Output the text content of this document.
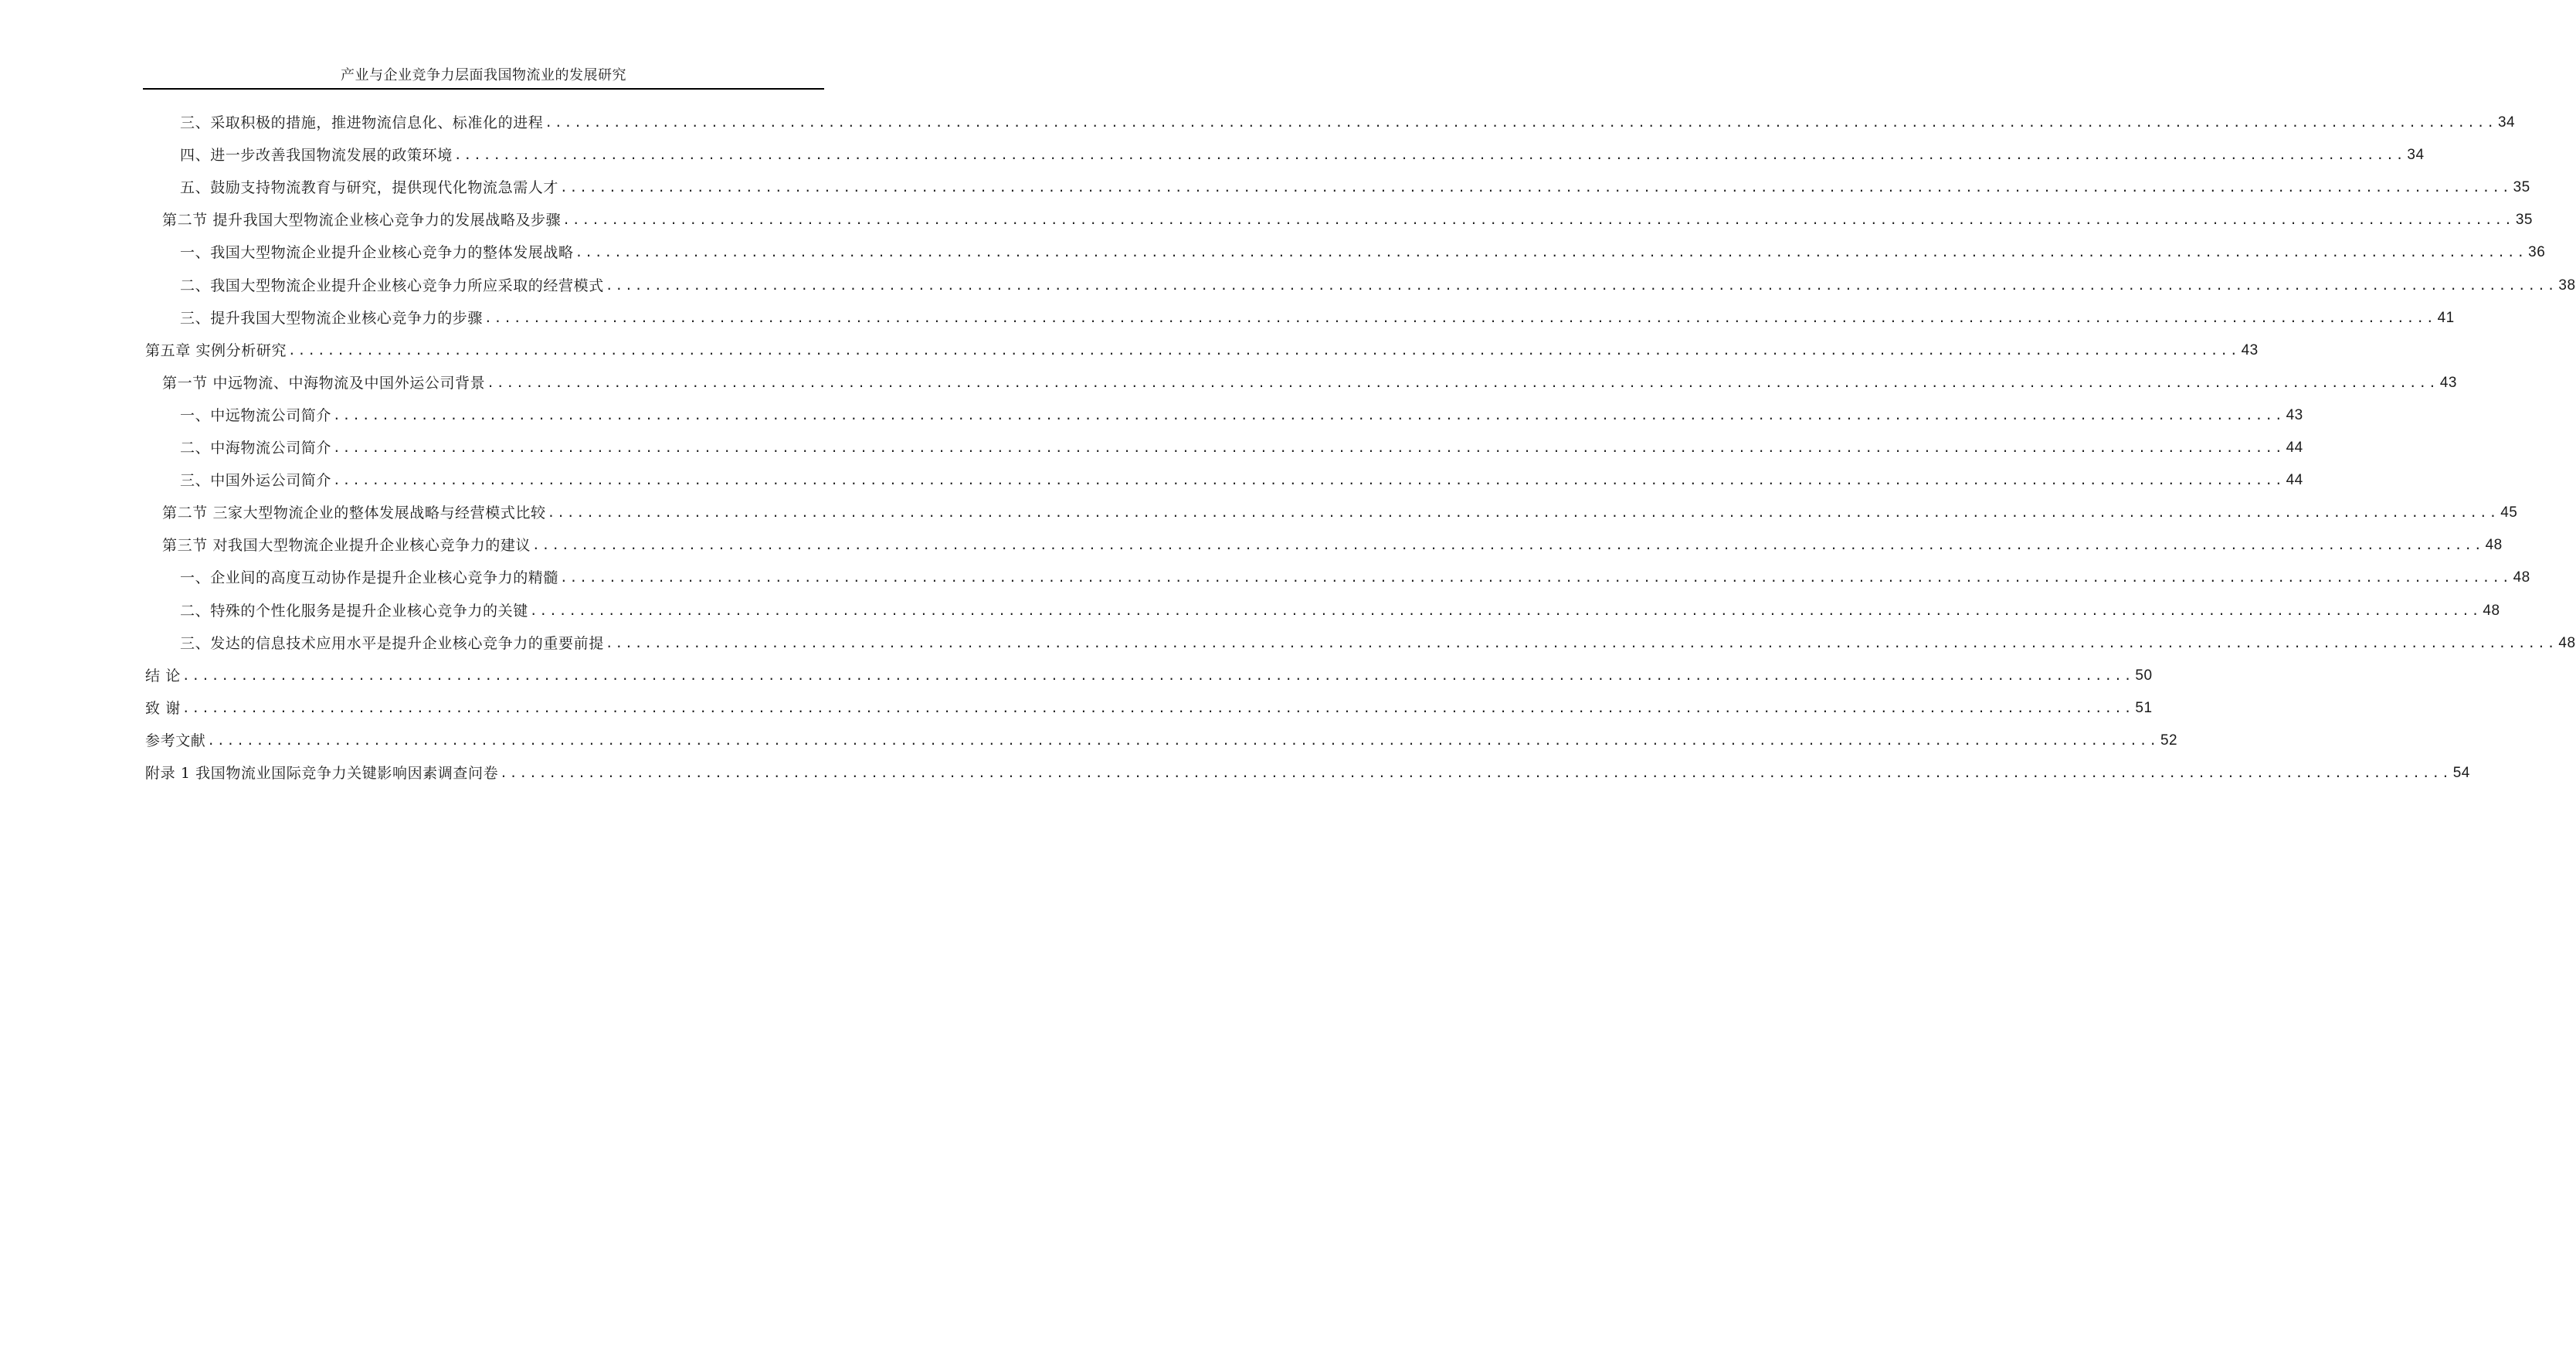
产业与企业竞争力层面我国物流业的发展研究
三、采取积极的措施，推进物流信息化、标准化的进程 ........................................................................................................................................................................................................ 34
四、进一步改善我国物流发展的政策环境 ........................................................................................................................................................................................................ 34
五、鼓励支持物流教育与研究，提供现代化物流急需人才 ........................................................................................................................................................................................................ 35
第二节 提升我国大型物流企业核心竞争力的发展战略及步骤 ........................................................................................................................................................................................................ 35
一、我国大型物流企业提升企业核心竞争力的整体发展战略 ........................................................................................................................................................................................................ 36
二、我国大型物流企业提升企业核心竞争力所应采取的经营模式 ........................................................................................................................................................................................................ 38
三、提升我国大型物流企业核心竞争力的步骤 ........................................................................................................................................................................................................ 41
第五章 实例分析研究 ........................................................................................................................................................................................................ 43
第一节 中远物流、中海物流及中国外运公司背景 ........................................................................................................................................................................................................ 43
一、中远物流公司简介 ........................................................................................................................................................................................................ 43
二、中海物流公司简介 ........................................................................................................................................................................................................ 44
三、中国外运公司简介 ........................................................................................................................................................................................................ 44
第二节 三家大型物流企业的整体发展战略与经营模式比较 ........................................................................................................................................................................................................ 45
第三节 对我国大型物流企业提升企业核心竞争力的建议 ........................................................................................................................................................................................................ 48
一、企业间的高度互动协作是提升企业核心竞争力的精髓 ........................................................................................................................................................................................................ 48
二、特殊的个性化服务是提升企业核心竞争力的关键 ........................................................................................................................................................................................................ 48
三、发达的信息技术应用水平是提升企业核心竞争力的重要前提 ........................................................................................................................................................................................................ 48
结 论 ........................................................................................................................................................................................................ 50
致 谢 ........................................................................................................................................................................................................ 51
参考文献 ........................................................................................................................................................................................................ 52
附录 1 我国物流业国际竞争力关键影响因素调查问卷 ........................................................................................................................................................................................................ 54
